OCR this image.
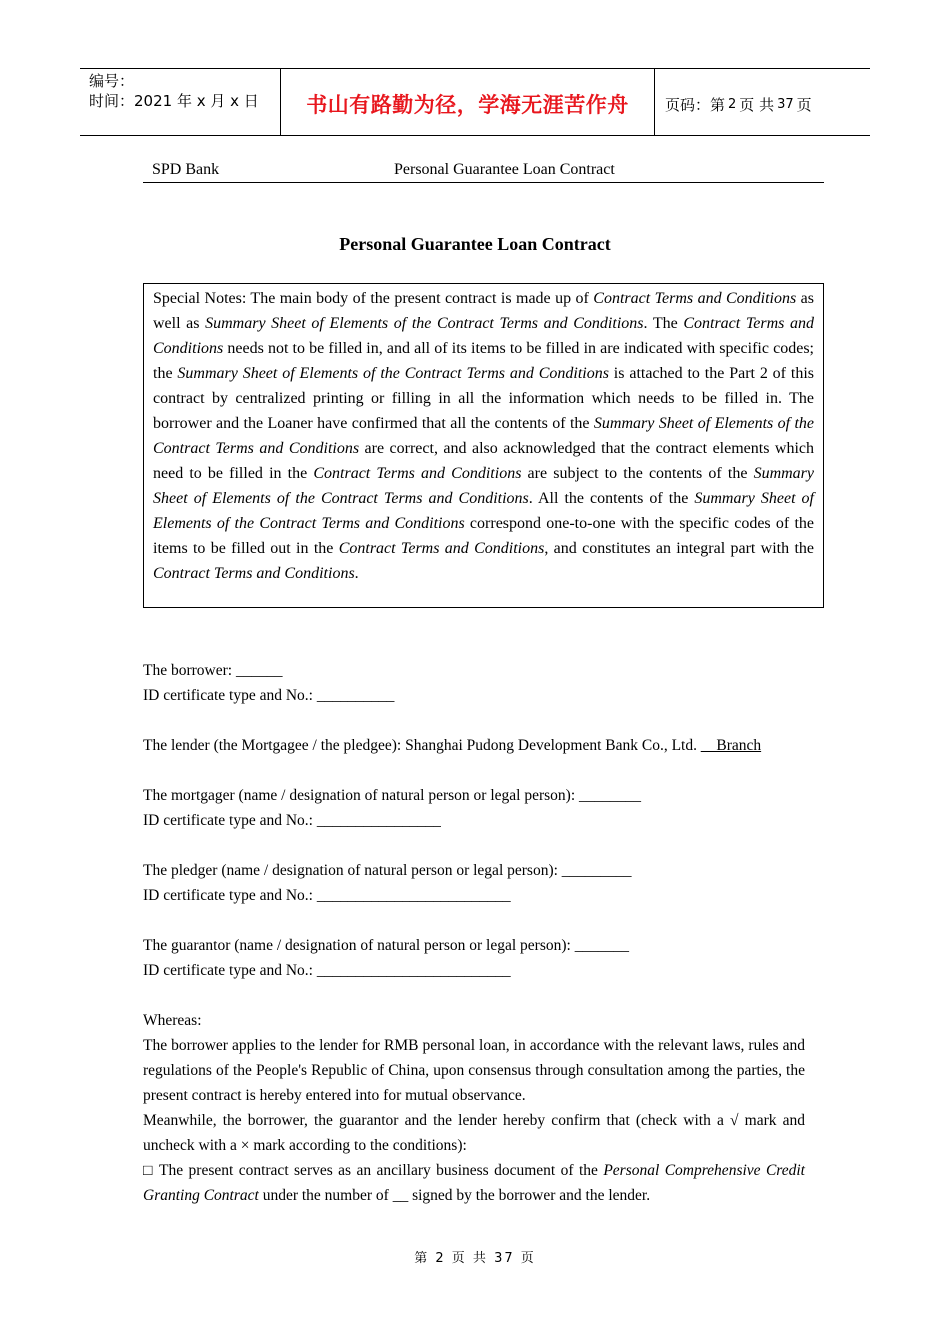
编号：
时间：2021 年 x 月 x 日	书山有路勤为径，学海无涯苦作舟	页码：第 2 页 共 37 页
SPD Bank	Personal Guarantee Loan Contract
Personal Guarantee Loan Contract
Special Notes: The main body of the present contract is made up of Contract Terms and Conditions as well as Summary Sheet of Elements of the Contract Terms and Conditions. The Contract Terms and Conditions needs not to be filled in, and all of its items to be filled in are indicated with specific codes; the Summary Sheet of Elements of the Contract Terms and Conditions is attached to the Part 2 of this contract by centralized printing or filling in all the information which needs to be filled in. The borrower and the Loaner have confirmed that all the contents of the Summary Sheet of Elements of the Contract Terms and Conditions are correct, and also acknowledged that the contract elements which need to be filled in the Contract Terms and Conditions are subject to the contents of the Summary Sheet of Elements of the Contract Terms and Conditions. All the contents of the Summary Sheet of Elements of the Contract Terms and Conditions correspond one-to-one with the specific codes of the items to be filled out in the Contract Terms and Conditions, and constitutes an integral part with the Contract Terms and Conditions.

The borrower: ______

ID certificate type and No.: __________

The lender (the Mortgagee / the pledgee): Shanghai Pudong Development Bank Co., Ltd. __Branch

The mortgager (name / designation of natural person or legal person): ________

ID certificate type and No.: ________________

The pledger (name / designation of natural person or legal person): _________

ID certificate type and No.: _________________________

The guarantor (name / designation of natural person or legal person): _______

ID certificate type and No.: _________________________

Whereas:

The borrower applies to the lender for RMB personal loan, in accordance with the relevant laws, rules and regulations of the People's Republic of China, upon consensus through consultation among the parties, the present contract is hereby entered into for mutual observance.

Meanwhile, the borrower, the guarantor and the lender hereby confirm that (check with a √ mark and uncheck with a × mark according to the conditions):

□ The present contract serves as an ancillary business document of the Personal Comprehensive Credit Granting Contract under the number of __ signed by the borrower and the lender.

第 2 页 共 37 页
